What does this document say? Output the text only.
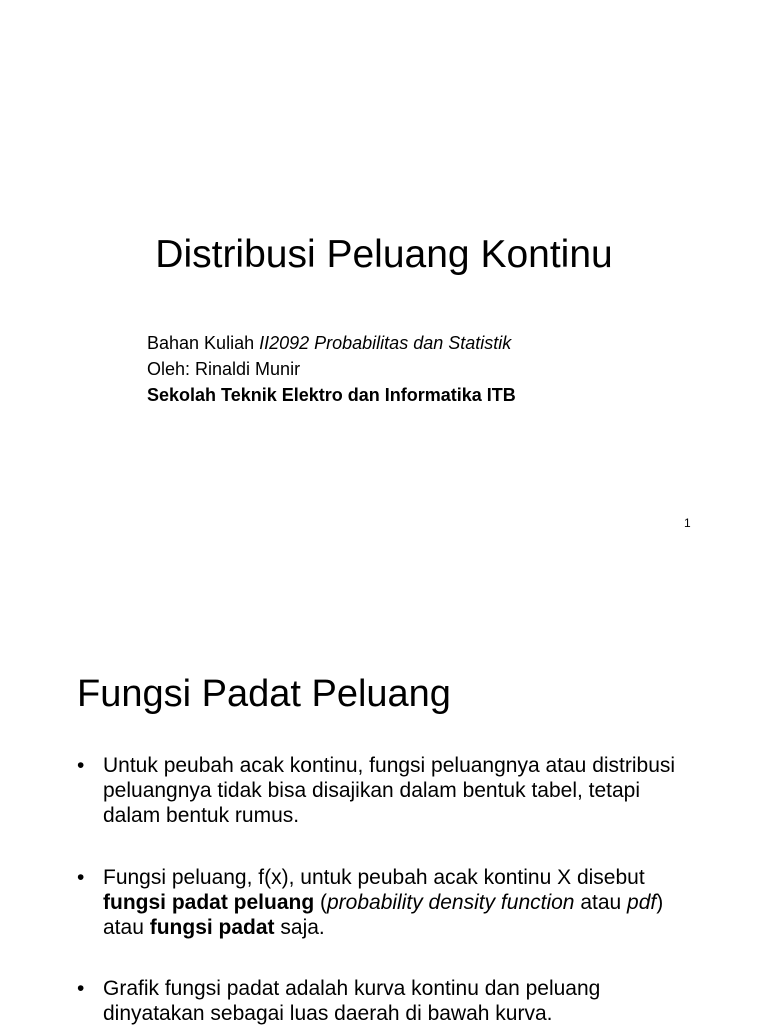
Distribusi Peluang Kontinu
Bahan Kuliah II2092 Probabilitas dan Statistik
Oleh: Rinaldi Munir
Sekolah Teknik Elektro dan Informatika ITB
1
Fungsi Padat Peluang
• Untuk peubah acak kontinu, fungsi peluangnya atau distribusi peluangnya tidak bisa disajikan dalam bentuk tabel, tetapi dalam bentuk rumus.
• Fungsi peluang, f(x), untuk peubah acak kontinu X disebut fungsi padat peluang (probability density function atau pdf) atau fungsi padat saja.
• Grafik fungsi padat adalah kurva kontinu dan peluang dinyatakan sebagai luas daerah di bawah kurva.
